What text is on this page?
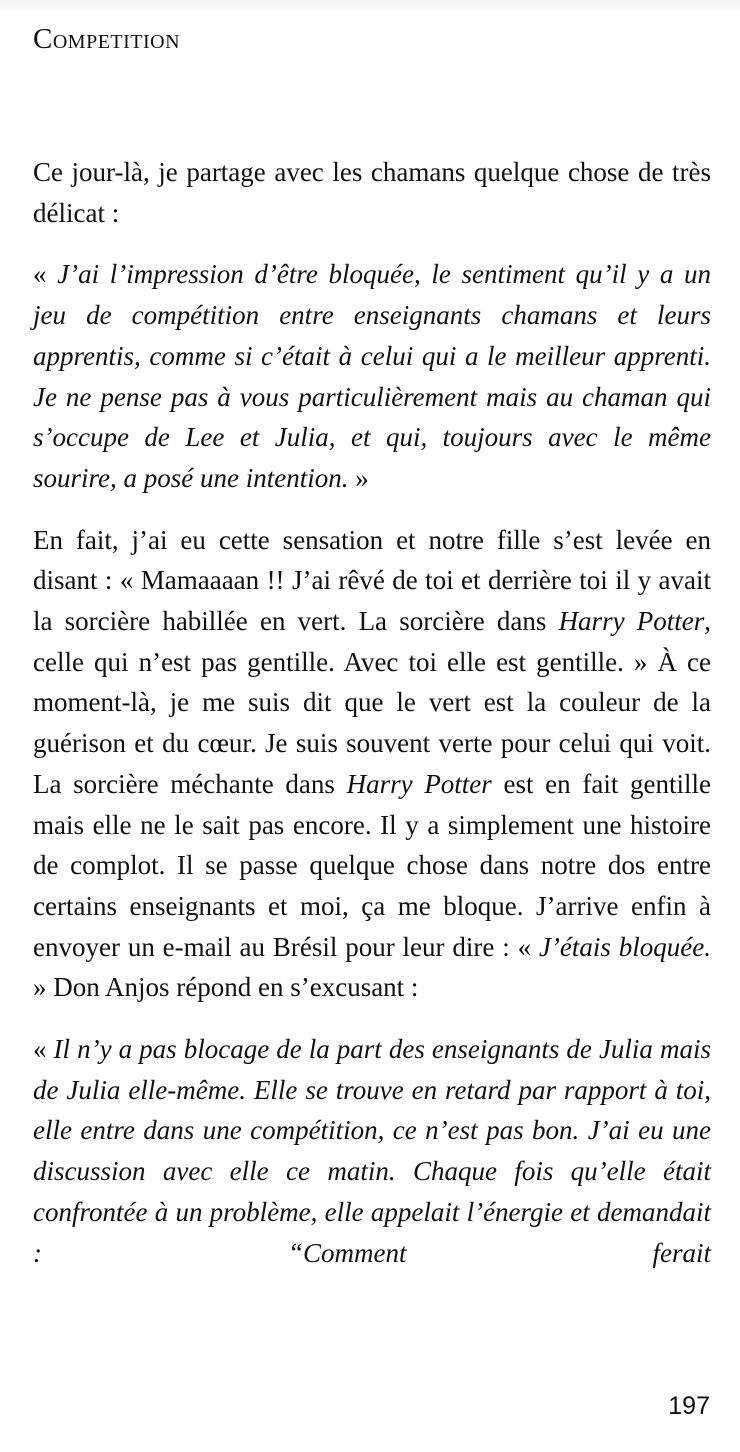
Competition

Ce jour-là, je partage avec les chamans quelque chose de très délicat :

« J’ai l’impression d’être bloquée, le sentiment qu’il y a un jeu de compétition entre enseignants chamans et leurs apprentis, comme si c’était à celui qui a le meilleur apprenti. Je ne pense pas à vous particulièrement mais au chaman qui s’occupe de Lee et Julia, et qui, toujours avec le même sourire, a posé une intention. »

En fait, j’ai eu cette sensation et notre fille s’est levée en disant : « Mamaaaan !! J’ai rêvé de toi et derrière toi il y avait la sorcière habillée en vert. La sorcière dans Harry Potter, celle qui n’est pas gentille. Avec toi elle est gentille. » À ce moment-là, je me suis dit que le vert est la couleur de la guérison et du cœur. Je suis souvent verte pour celui qui voit. La sorcière méchante dans Harry Potter est en fait gentille mais elle ne le sait pas encore. Il y a simplement une histoire de complot. Il se passe quelque chose dans notre dos entre certains enseignants et moi, ça me bloque. J’arrive enfin à envoyer un e-mail au Brésil pour leur dire : « J’étais bloquée. » Don Anjos répond en s’excusant :

« Il n’y a pas blocage de la part des enseignants de Julia mais de Julia elle-même. Elle se trouve en retard par rapport à toi, elle entre dans une compétition, ce n’est pas bon. J’ai eu une discussion avec elle ce matin. Chaque fois qu’elle était confrontée à un problème, elle appelait l’énergie et demandait : “Comment ferait

197
